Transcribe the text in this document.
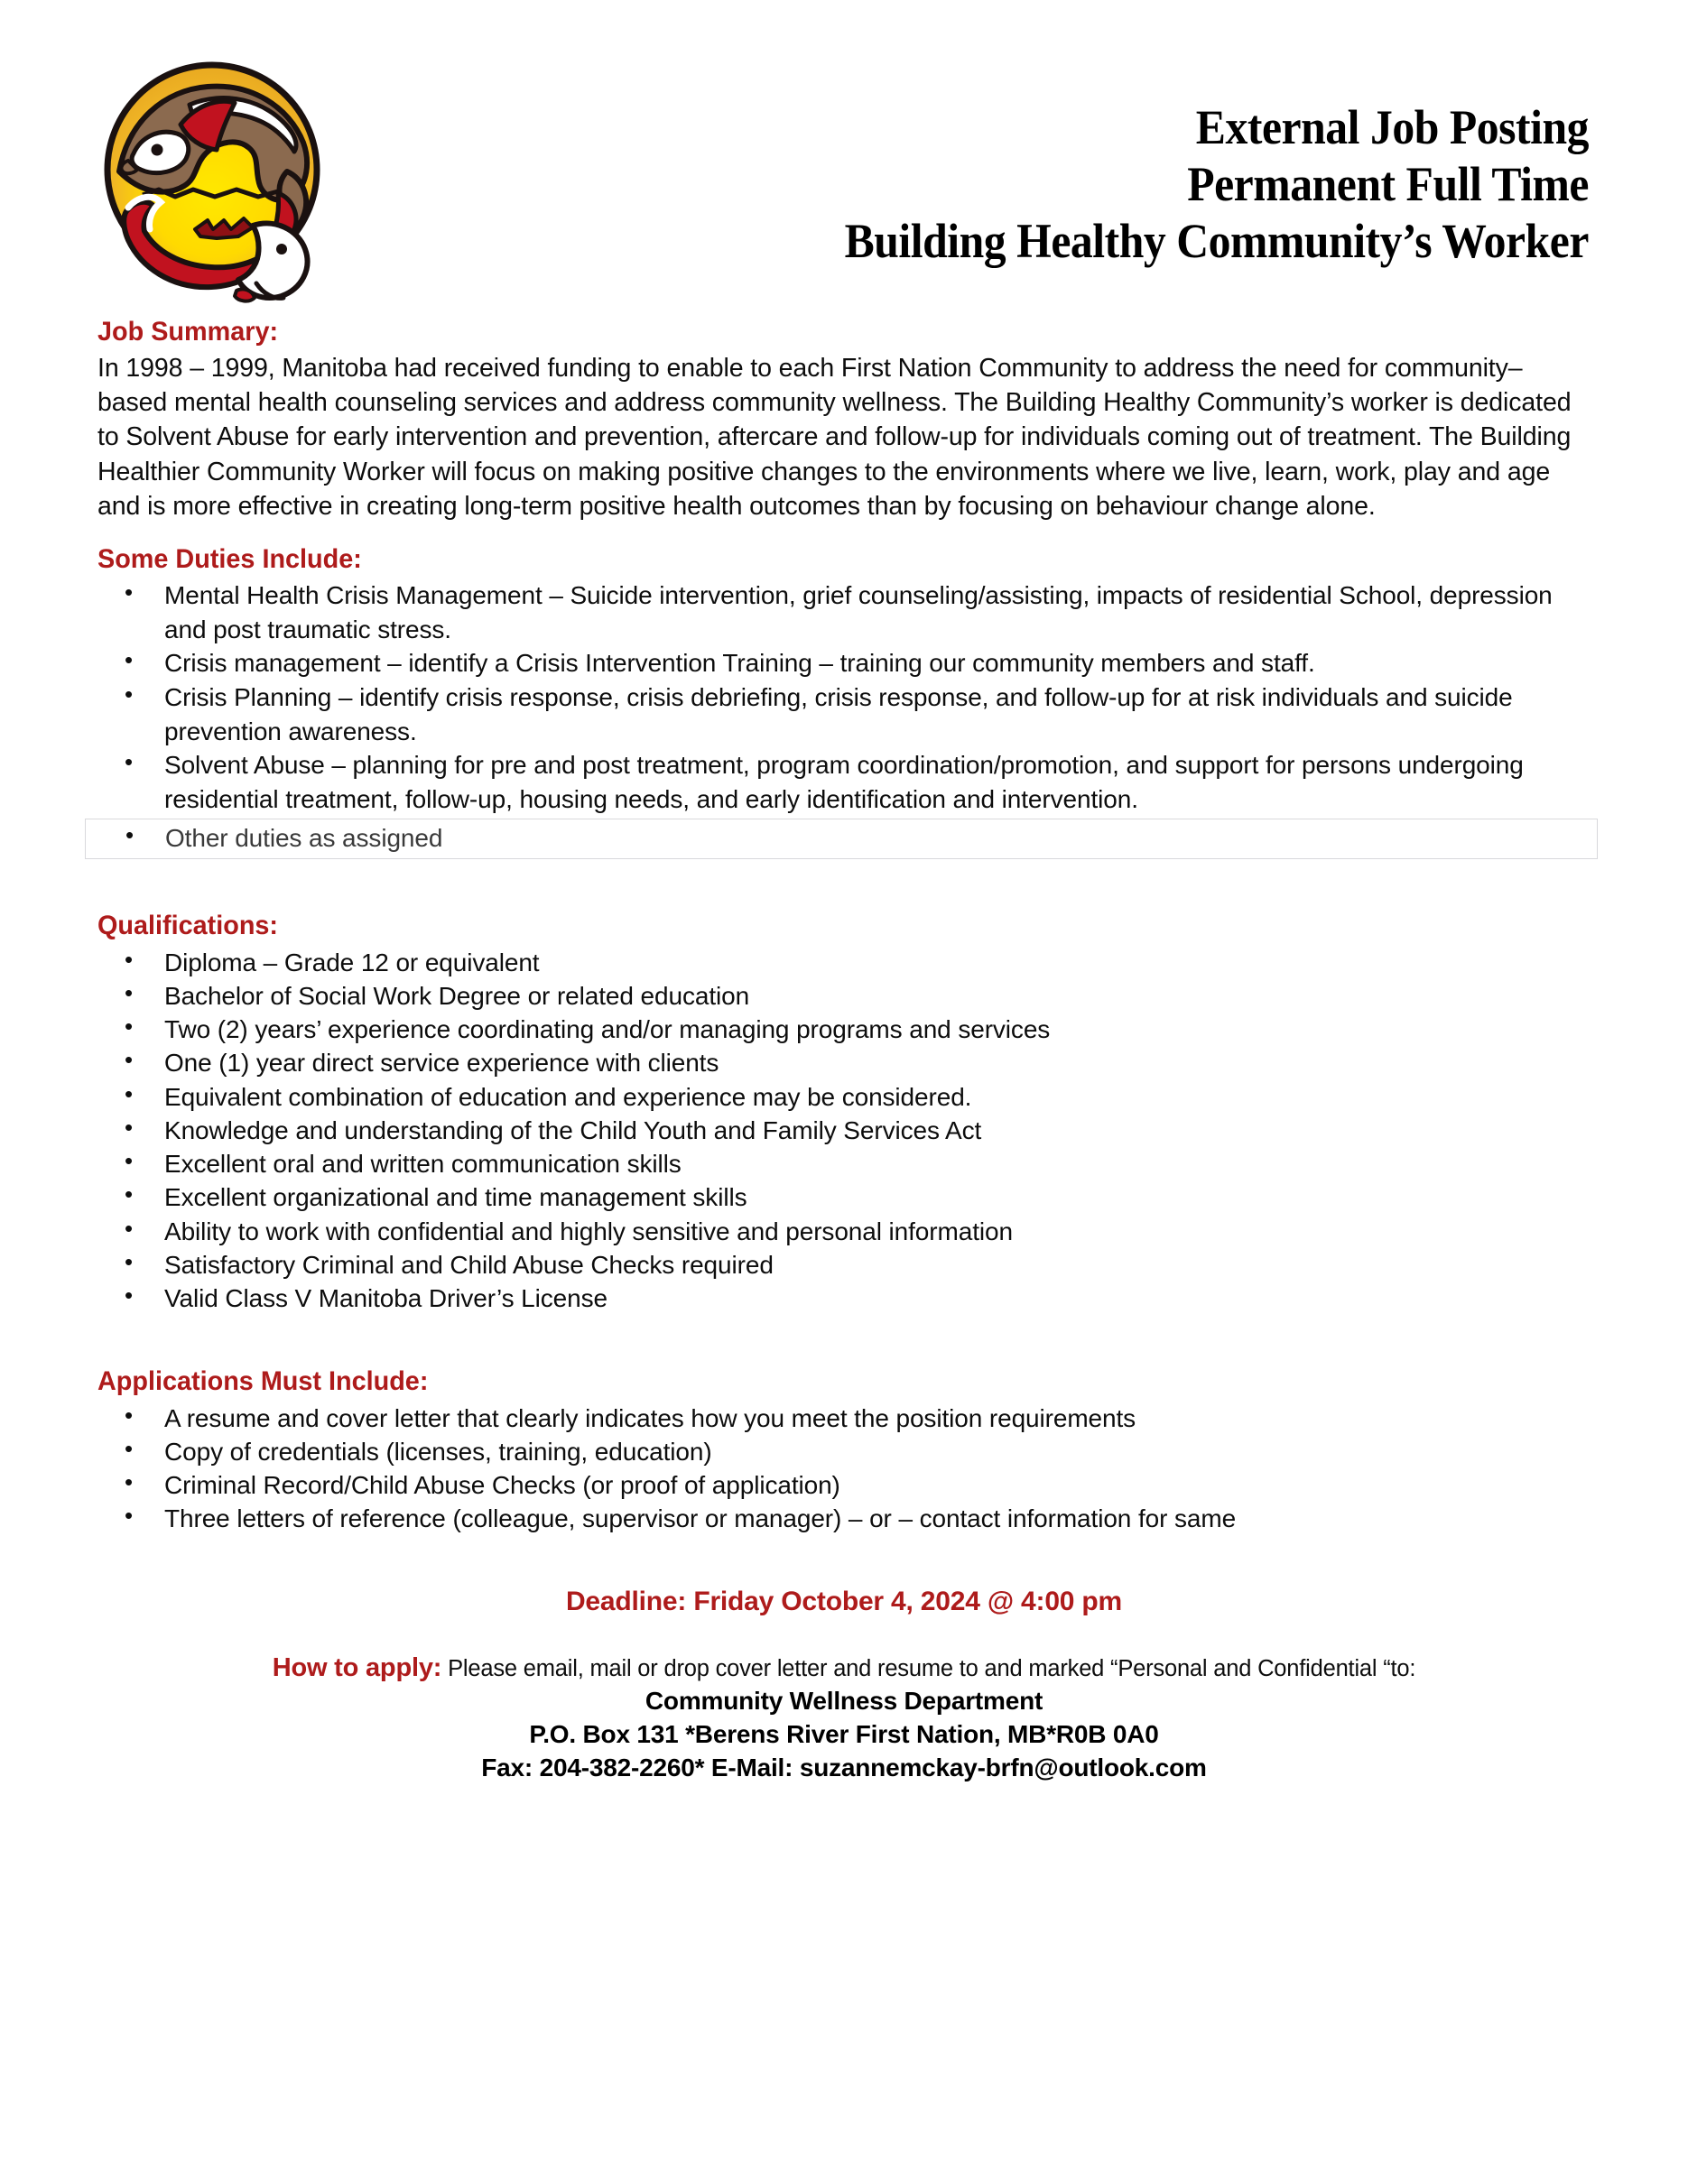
External Job Posting
Permanent Full Time
Building Healthy Community’s Worker
Job Summary:

In 1998 – 1999, Manitoba had received funding to enable to each First Nation Community to address the need for community–based mental health counseling services and address community wellness. The Building Healthy Community’s worker is dedicated to Solvent Abuse for early intervention and prevention, aftercare and follow-up for individuals coming out of treatment. The Building Healthier Community Worker will focus on making positive changes to the environments where we live, learn, work, play and age and is more effective in creating long-term positive health outcomes than by focusing on behaviour change alone.

Some Duties Include:
• Mental Health Crisis Management – Suicide intervention, grief counseling/assisting, impacts of residential School, depression and post traumatic stress.
• Crisis management – identify a Crisis Intervention Training – training our community members and staff.
• Crisis Planning – identify crisis response, crisis debriefing, crisis response, and follow-up for at risk individuals and suicide prevention awareness.
• Solvent Abuse – planning for pre and post treatment, program coordination/promotion, and support for persons undergoing residential treatment, follow-up, housing needs, and early identification and intervention.
• Other duties as assigned
Qualifications:
• Diploma – Grade 12 or equivalent
• Bachelor of Social Work Degree or related education
• Two (2) years’ experience coordinating and/or managing programs and services
• One (1) year direct service experience with clients
• Equivalent combination of education and experience may be considered.
• Knowledge and understanding of the Child Youth and Family Services Act
• Excellent oral and written communication skills
• Excellent organizational and time management skills
• Ability to work with confidential and highly sensitive and personal information
• Satisfactory Criminal and Child Abuse Checks required
• Valid Class V Manitoba Driver’s License
Applications Must Include:
• A resume and cover letter that clearly indicates how you meet the position requirements
• Copy of credentials (licenses, training, education)
• Criminal Record/Child Abuse Checks (or proof of application)
• Three letters of reference (colleague, supervisor or manager) – or – contact information for same

Deadline: Friday October 4, 2024 @ 4:00 pm

How to apply: Please email, mail or drop cover letter and resume to and marked “Personal and Confidential “to:

Community Wellness Department

P.O. Box 131 *Berens River First Nation, MB*R0B 0A0

Fax: 204-382-2260* E-Mail: suzannemckay-brfn@outlook.com
